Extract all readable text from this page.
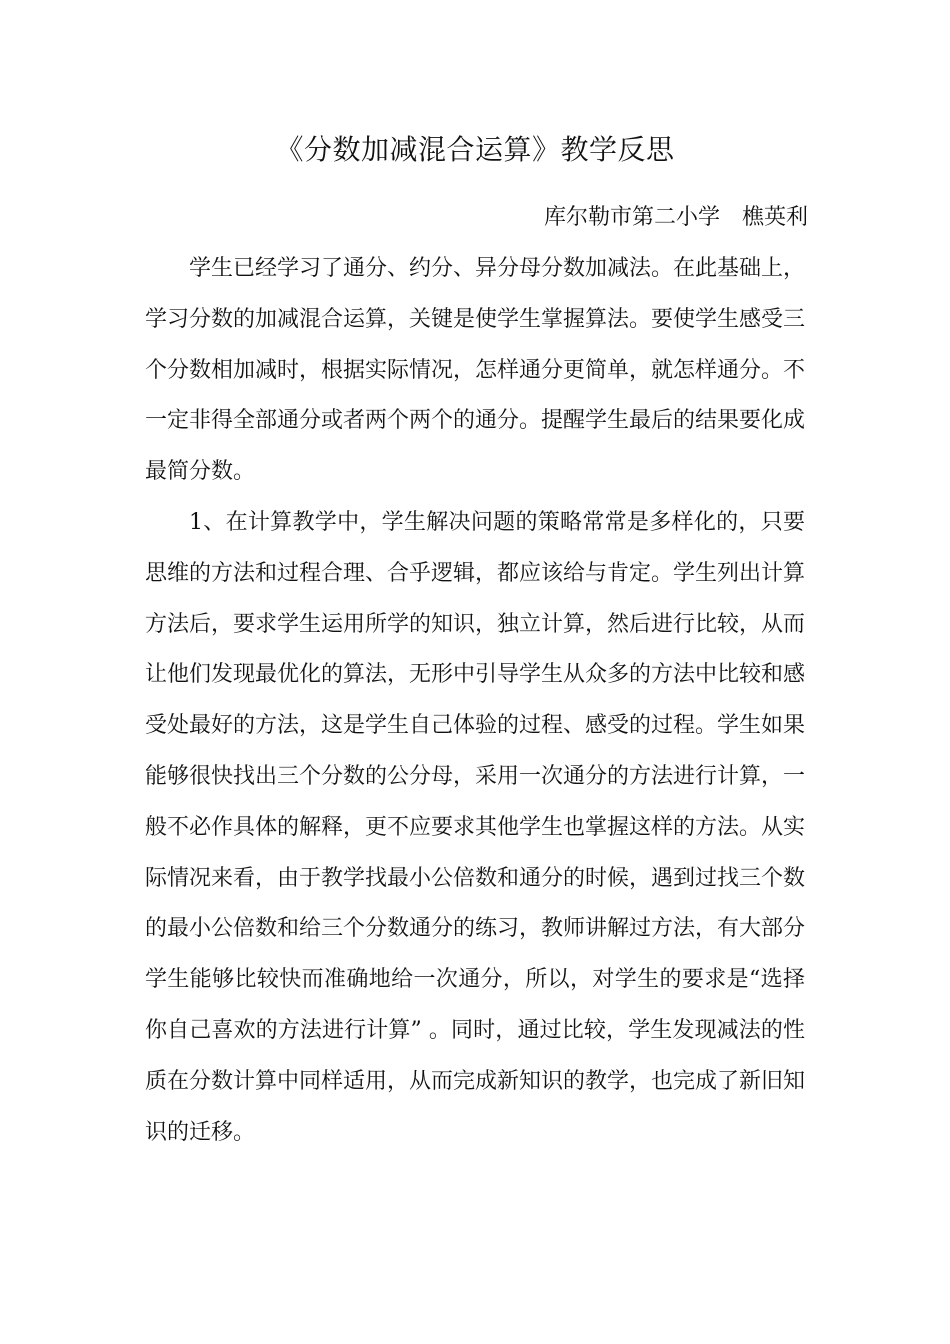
《分数加减混合运算》教学反思
库尔勒市第二小学　樵英利

学生已经学习了通分、约分、异分母分数加减法。在此基础上，学习分数的加减混合运算，关键是使学生掌握算法。要使学生感受三个分数相加减时，根据实际情况，怎样通分更简单，就怎样通分。不一定非得全部通分或者两个两个的通分。提醒学生最后的结果要化成最简分数。

1、在计算教学中，学生解决问题的策略常常是多样化的，只要思维的方法和过程合理、合乎逻辑，都应该给与肯定。学生列出计算方法后，要求学生运用所学的知识，独立计算，然后进行比较，从而让他们发现最优化的算法，无形中引导学生从众多的方法中比较和感受处最好的方法，这是学生自己体验的过程、感受的过程。学生如果能够很快找出三个分数的公分母，采用一次通分的方法进行计算，一般不必作具体的解释，更不应要求其他学生也掌握这样的方法。从实际情况来看，由于教学找最小公倍数和通分的时候，遇到过找三个数的最小公倍数和给三个分数通分的练习，教师讲解过方法，有大部分学生能够比较快而准确地给一次通分，所以，对学生的要求是“选择你自己喜欢的方法进行计算” 。同时，通过比较，学生发现减法的性质在分数计算中同样适用，从而完成新知识的教学，也完成了新旧知识的迁移。
